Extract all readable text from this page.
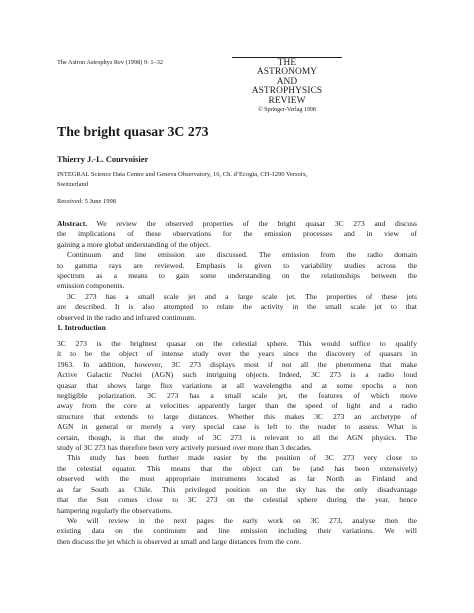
The Astron Astrophys Rev (1998) 9: 1–32	THE
ASTRONOMY
AND
ASTROPHYSICS
REVIEW
© Springer-Verlag 1998
The bright quasar 3C 273
Thierry J.-L. Courvoisier
INTEGRAL Science Data Centre and Geneva Observatory, 16, Ch. d’Ecogia, CH-1290 Versoix,
Switzerland
Received: 5 June 1998
Abstract. We review the observed properties of the bright quasar 3C 273 and discuss
the implications of these observations for the emission processes and in view of
gaining a more global understanding of the object.
Continuum and line emission are discussed. The emission from the radio domain
to gamma rays are reviewed. Emphasis is given to variability studies across the
spectrum as a means to gain some understanding on the relationships between the
emission components.
3C 273 has a small scale jet and a large scale jet. The properties of these jets
are described. It is also attempted to relate the activity in the small scale jet to that
observed in the radio and infrared continuum.
1. Introduction
3C 273 is the brightest quasar on the celestial sphere. This would suffice to qualify
it to be the object of intense study over the years since the discovery of quasars in
1963. In addition, however, 3C 273 displays most if not all the phenomena that make
Active Galactic Nuclei (AGN) such intriguing objects. Indeed, 3C 273 is a radio loud
quasar that shows large flux variations at all wavelengths and at some epochs a non
negligible polarization. 3C 273 has a small scale jet, the features of which move
away from the core at velocities apparently larger than the speed of light and a radio
structure that extends to large distances. Whether this makes 3C 273 an archetype of
AGN in general or merely a very special case is left to the reader to assess. What is
certain, though, is that the study of 3C 273 is relevant to all the AGN physics. The
study of 3C 273 has therefore been very actively pursued over more than 3 decades.
This study has been further made easier by the position of 3C 273 very close to
the celestial equator. This means that the object can be (and has been extensively)
observed with the most appropriate instruments located as far North as Finland and
as far South as Chile. This privileged position on the sky has the only disadvantage
that the Sun comes close to 3C 273 on the celestial sphere during the year, hence
hampering regularly the observations.
We will review in the next pages the early work on 3C 273, analyse then the
existing data on the continuum and line emission including their variations. We will
then discuss the jet which is observed at small and large distances from the core.
